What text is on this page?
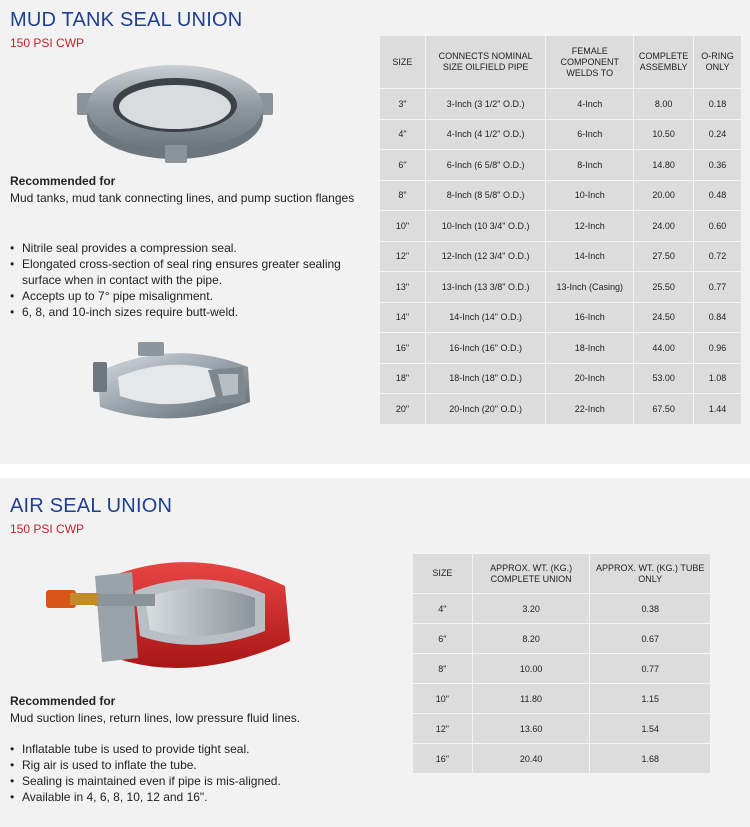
MUD TANK SEAL UNION
150 PSI CWP
Recommended for
Mud tanks, mud tank connecting lines, and pump suction flanges
• Nitrile seal provides a compression seal.
• Elongated cross-section of seal ring ensures greater sealing surface when in contact with the pipe.
• Accepts up to 7° pipe misalignment.
• 6, 8, and 10-inch sizes require butt-weld.
SIZE	CONNECTS NOMINAL SIZE OILFIELD PIPE	FEMALE COMPONENT WELDS TO	COMPLETE ASSEMBLY	O-RING ONLY
3"	3-Inch (3 1/2" O.D.)	4-Inch	8.00	0.18
4"	4-Inch (4 1/2" O.D.)	6-Inch	10.50	0.24
6"	6-Inch (6 5/8" O.D.)	8-Inch	14.80	0.36
8"	8-Inch (8 5/8" O.D.)	10-Inch	20.00	0.48
10"	10-Inch (10 3/4" O.D.)	12-Inch	24.00	0.60
12"	12-Inch (12 3/4" O.D.)	14-Inch	27.50	0.72
13"	13-Inch (13 3/8" O.D.)	13-Inch (Casing)	25.50	0.77
14"	14-Inch (14" O.D.)	16-Inch	24.50	0.84
16"	16-Inch (16" O.D.)	18-Inch	44.00	0.96
18"	18-Inch (18" O.D.)	20-Inch	53.00	1.08
20"	20-Inch (20" O.D.)	22-Inch	67.50	1.44
AIR SEAL UNION
150 PSI CWP
Recommended for
Mud suction lines, return lines, low pressure fluid lines.
• Inflatable tube is used to provide tight seal.
• Rig air is used to inflate the tube.
• Sealing is maintained even if pipe is mis-aligned.
• Available in 4, 6, 8, 10, 12 and 16".
SIZE	APPROX. WT. (KG.) COMPLETE UNION	APPROX. WT. (KG.) TUBE ONLY
4"	3.20	0.38
6"	8.20	0.67
8"	10.00	0.77
10"	11.80	1.15
12"	13.60	1.54
16"	20.40	1.68
